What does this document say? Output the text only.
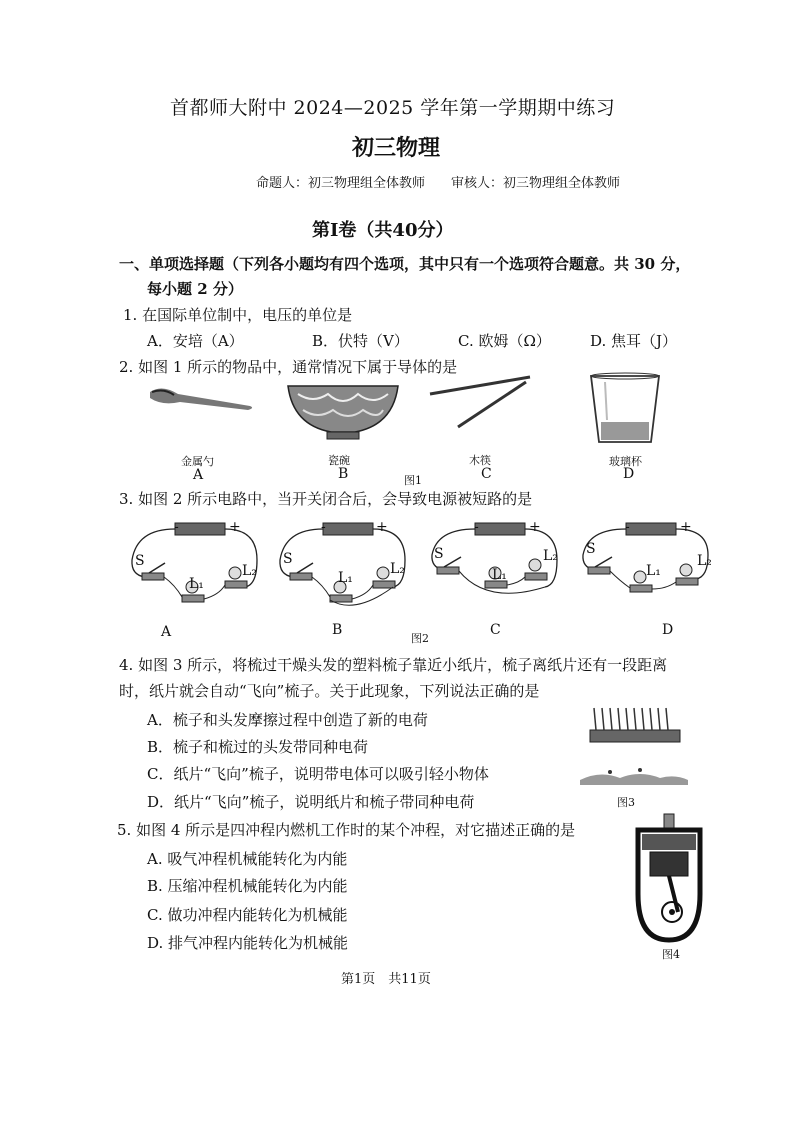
首都师大附中 2024—2025 学年第一学期期中练习
初三物理
命题人：初三物理组全体教师　　审核人：初三物理组全体教师
第I卷（共40分）
一、单项选择题（下列各小题均有四个选项，其中只有一个选项符合题意。共 30 分，
每小题 2 分）
1. 在国际单位制中，电压的单位是
A．安培（A）	B．伏特（V）	C. 欧姆（Ω）	D. 焦耳（J）
2. 如图 1 所示的物品中，通常情况下属于导体的是
金属勺	瓷碗	木筷	玻璃杯
A	B	图1	C	D
3. 如图 2 所示电路中，当开关闭合后，会导致电源被短路的是
-	+
S
L₁
L₂
-	+
S
L₁
L₂
-	+
S
L₁
L₂
-	+
S
L₁
L₂
A	B
图2
C	D
4. 如图 3 所示，将梳过干燥头发的塑料梳子靠近小纸片，梳子离纸片还有一段距离
时，纸片就会自动“飞向”梳子。关于此现象，下列说法正确的是
A．梳子和头发摩擦过程中创造了新的电荷
B．梳子和梳过的头发带同种电荷
C．纸片“飞向”梳子，说明带电体可以吸引轻小物体
D．纸片“飞向”梳子，说明纸片和梳子带同种电荷	图3
5. 如图 4 所示是四冲程内燃机工作时的某个冲程，对它描述正确的是
A. 吸气冲程机械能转化为内能
B. 压缩冲程机械能转化为内能
C. 做功冲程内能转化为机械能
D. 排气冲程内能转化为机械能
图4
第1页　共11页
